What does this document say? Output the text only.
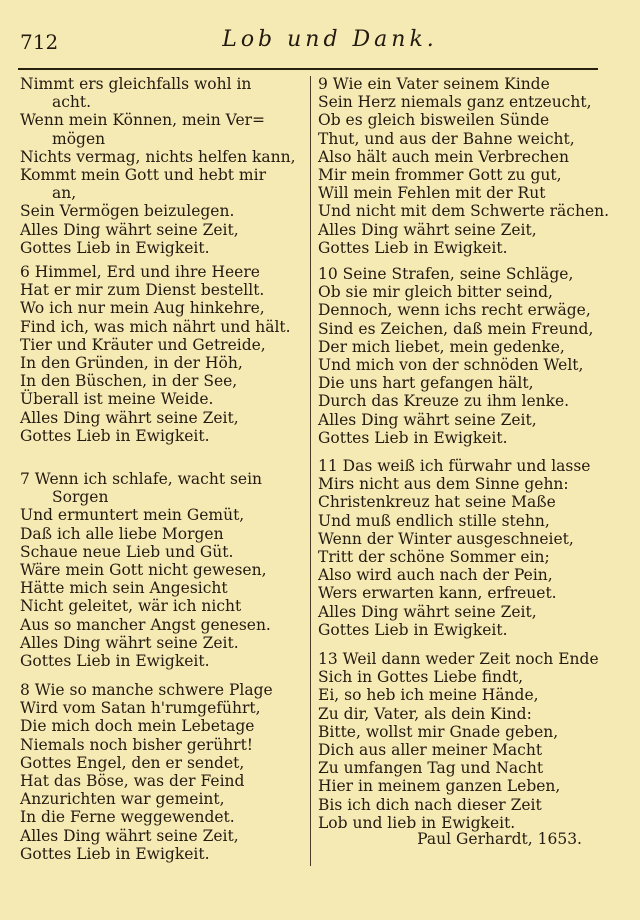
712	Lob und Dank.
Nimmt ers gleichfalls wohl in
acht.
Wenn mein Können, mein Ver=
mögen
Nichts vermag, nichts helfen kann,
Kommt mein Gott und hebt mir
an,
Sein Vermögen beizulegen.
Alles Ding währt seine Zeit,
Gottes Lieb in Ewigkeit.
6 Himmel, Erd und ihre Heere
Hat er mir zum Dienst bestellt.
Wo ich nur mein Aug hinkehre,
Find ich, was mich nährt und hält.
Tier und Kräuter und Getreide,
In den Gründen, in der Höh,
In den Büschen, in der See,
Überall ist meine Weide.
Alles Ding währt seine Zeit,
Gottes Lieb in Ewigkeit.
7 Wenn ich schlafe, wacht sein
Sorgen
Und ermuntert mein Gemüt,
Daß ich alle liebe Morgen
Schaue neue Lieb und Güt.
Wäre mein Gott nicht gewesen,
Hätte mich sein Angesicht
Nicht geleitet, wär ich nicht
Aus so mancher Angst genesen.
Alles Ding währt seine Zeit.
Gottes Lieb in Ewigkeit.
8 Wie so manche schwere Plage
Wird vom Satan h'rumgeführt,
Die mich doch mein Lebetage
Niemals noch bisher gerührt!
Gottes Engel, den er sendet,
Hat das Böse, was der Feind
Anzurichten war gemeint,
In die Ferne weggewendet.
Alles Ding währt seine Zeit,
Gottes Lieb in Ewigkeit.
9 Wie ein Vater seinem Kinde
Sein Herz niemals ganz entzeucht,
Ob es gleich bisweilen Sünde
Thut, und aus der Bahne weicht,
Also hält auch mein Verbrechen
Mir mein frommer Gott zu gut,
Will mein Fehlen mit der Rut
Und nicht mit dem Schwerte rächen.
Alles Ding währt seine Zeit,
Gottes Lieb in Ewigkeit.
10 Seine Strafen, seine Schläge,
Ob sie mir gleich bitter seind,
Dennoch, wenn ichs recht erwäge,
Sind es Zeichen, daß mein Freund,
Der mich liebet, mein gedenke,
Und mich von der schnöden Welt,
Die uns hart gefangen hält,
Durch das Kreuze zu ihm lenke.
Alles Ding währt seine Zeit,
Gottes Lieb in Ewigkeit.
11 Das weiß ich fürwahr und lasse
Mirs nicht aus dem Sinne gehn:
Christenkreuz hat seine Maße
Und muß endlich stille stehn,
Wenn der Winter ausgeschneiet,
Tritt der schöne Sommer ein;
Also wird auch nach der Pein,
Wers erwarten kann, erfreuet.
Alles Ding währt seine Zeit,
Gottes Lieb in Ewigkeit.
13 Weil dann weder Zeit noch Ende
Sich in Gottes Liebe findt,
Ei, so heb ich meine Hände,
Zu dir, Vater, als dein Kind:
Bitte, wollst mir Gnade geben,
Dich aus aller meiner Macht
Zu umfangen Tag und Nacht
Hier in meinem ganzen Leben,
Bis ich dich nach dieser Zeit
Lob und lieb in Ewigkeit.
Paul Gerhardt, 1653.
